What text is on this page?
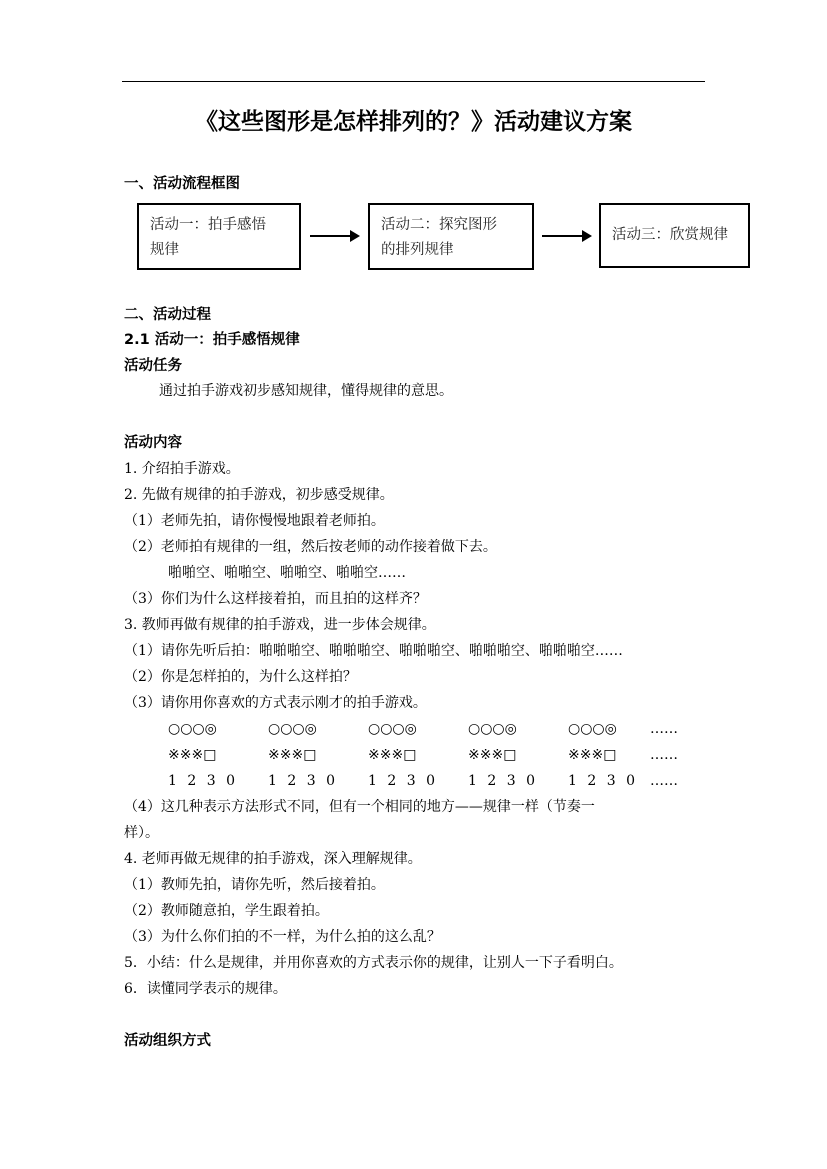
《这些图形是怎样排列的？》活动建议方案
一、活动流程框图
活动一：拍手感悟
规律
活动二：探究图形
的排列规律
活动三：欣赏规律
二、活动过程
2.1 活动一：拍手感悟规律
活动任务
通过拍手游戏初步感知规律，懂得规律的意思。
活动内容
1. 介绍拍手游戏。
2. 先做有规律的拍手游戏，初步感受规律。
（1）老师先拍，请你慢慢地跟着老师拍。
（2）老师拍有规律的一组，然后按老师的动作接着做下去。
啪啪空、啪啪空、啪啪空、啪啪空……
（3）你们为什么这样接着拍，而且拍的这样齐？
3. 教师再做有规律的拍手游戏，进一步体会规律。
（1）请你先听后拍：啪啪啪空、啪啪啪空、啪啪啪空、啪啪啪空、啪啪啪空……
（2）你是怎样拍的，为什么这样拍？
（3）请你用你喜欢的方式表示刚才的拍手游戏。
○○○◎	○○○◎	○○○◎	○○○◎	○○○◎ ……
※※※□	※※※□	※※※□	※※※□	※※※□ ……
1 2 3 0 1 2 3 0 1 2 3 0 1 2 3 0 1 2 3 0 ……
（4）这几种表示方法形式不同，但有一个相同的地方——规律一样（节奏一
样）。
4. 老师再做无规律的拍手游戏，深入理解规律。
（1）教师先拍，请你先听，然后接着拍。
（2）教师随意拍，学生跟着拍。
（3）为什么你们拍的不一样，为什么拍的这么乱？
5．小结：什么是规律，并用你喜欢的方式表示你的规律，让别人一下子看明白。
6．读懂同学表示的规律。
活动组织方式
